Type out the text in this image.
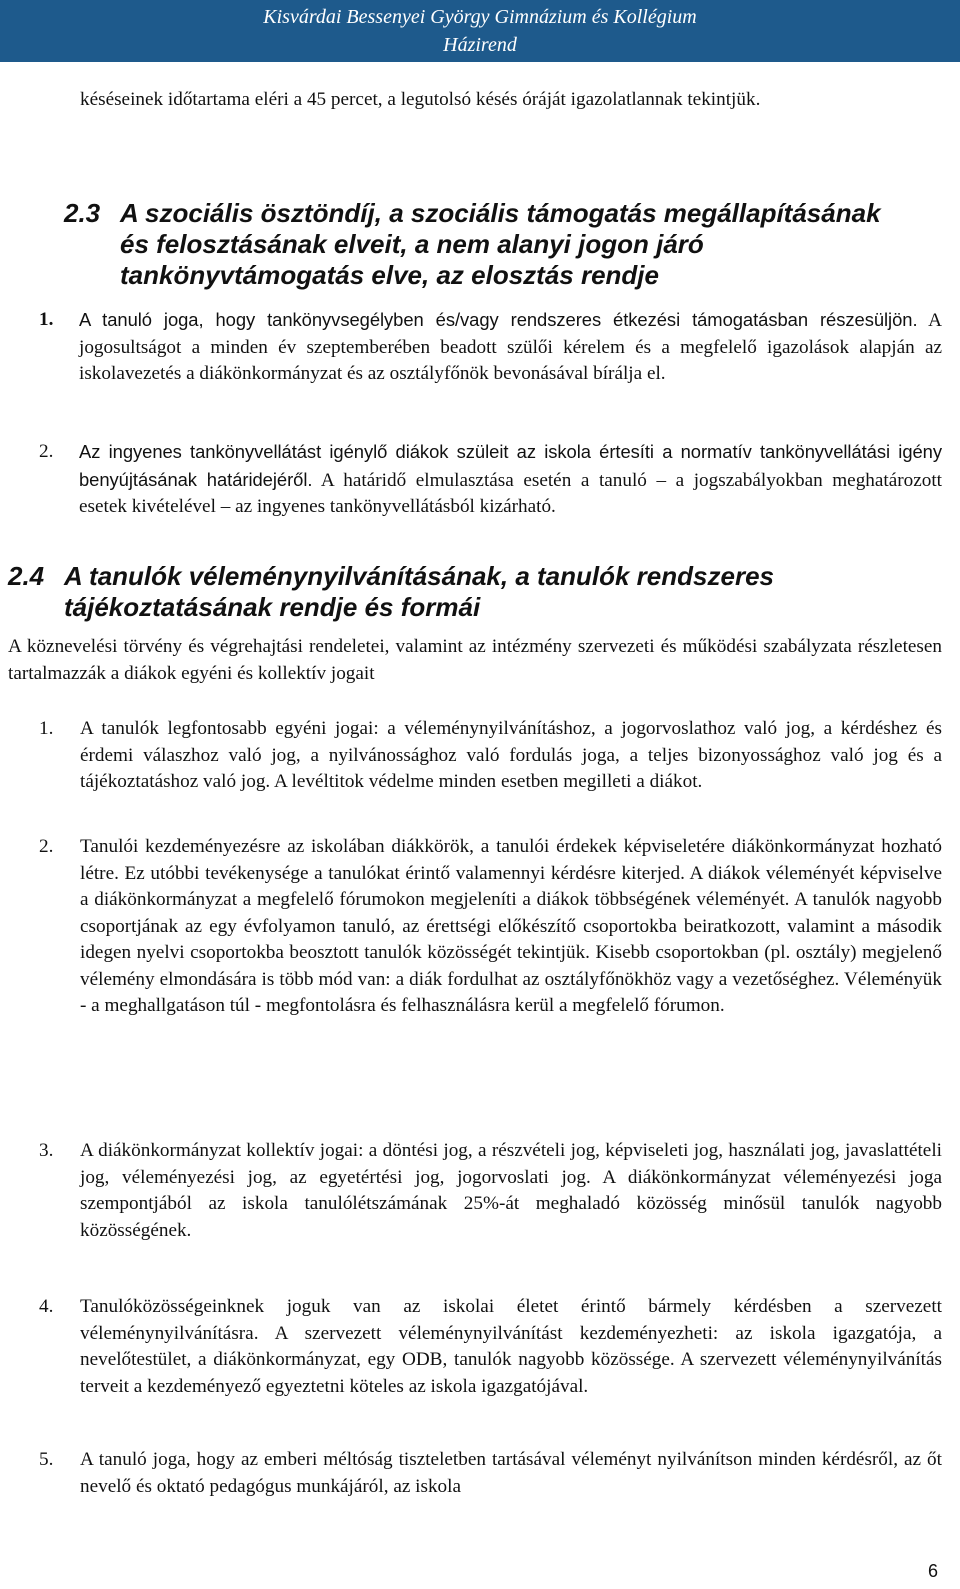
Kisvárdai Bessenyei György Gimnázium és Kollégium
Házirend

késéseinek időtartama eléri a 45 percet, a legutolsó késés óráját igazolatlannak tekintjük.

2.3 A szociális ösztöndíj, a szociális támogatás megállapításának
és felosztásának elveit, a nem alanyi jogon járó
tankönyvtámogatás elve, az elosztás rendje
1. A tanuló joga, hogy tankönyvsegélyben és/vagy rendszeres étkezési támogatásban részesüljön. A jogosultságot a minden év szeptemberében beadott szülői kérelem és a megfelelő igazolások alapján az iskolavezetés a diákönkormányzat és az osztályfőnök bevonásával bírálja el.
2. Az ingyenes tankönyvellátást igénylő diákok szüleit az iskola értesíti a normatív tankönyvellátási igény benyújtásának határidejéről. A határidő elmulasztása esetén a tanuló – a jogszabályokban meghatározott esetek kivételével – az ingyenes tankönyvellátásból kizárható.
2.4 A tanulók véleménynyilvánításának, a tanulók rendszeres
tájékoztatásának rendje és formái

A köznevelési törvény és végrehajtási rendeletei, valamint az intézmény szervezeti és működési szabályzata részletesen tartalmazzák a diákok egyéni és kollektív jogait

1. A tanulók legfontosabb egyéni jogai: a véleménynyilvánításhoz, a jogorvoslathoz való jog, a kérdéshez és érdemi válaszhoz való jog, a nyilvánossághoz való fordulás joga, a teljes bizonyossághoz való jog és a tájékoztatáshoz való jog. A levéltitok védelme minden esetben megilleti a diákot.
2. Tanulói kezdeményezésre az iskolában diákkörök, a tanulói érdekek képviseletére diákönkormányzat hozható létre. Ez utóbbi tevékenysége a tanulókat érintő valamennyi kérdésre kiterjed. A diákok véleményét képviselve a diákönkormányzat a megfelelő fórumokon megjeleníti a diákok többségének véleményét. A tanulók nagyobb csoportjának az egy évfolyamon tanuló, az érettségi előkészítő csoportokba beiratkozott, valamint a második idegen nyelvi csoportokba beosztott tanulók közösségét tekintjük. Kisebb csoportokban (pl. osztály) megjelenő vélemény elmondására is több mód van: a diák fordulhat az osztályfőnökhöz vagy a vezetőséghez. Véleményük - a meghallgatáson túl - megfontolásra és felhasználásra kerül a megfelelő fórumon.
3. A diákönkormányzat kollektív jogai: a döntési jog, a részvételi jog, képviseleti jog, használati jog, javaslattételi jog, véleményezési jog, az egyetértési jog, jogorvoslati jog. A diákönkormányzat véleményezési joga szempontjából az iskola tanulólétszámának 25%-át meghaladó közösség minősül tanulók nagyobb közösségének.
4. Tanulóközösségeinknek joguk van az iskolai életet érintő bármely kérdésben a szervezett véleménynyilvánításra. A szervezett véleménynyilvánítást kezdeményezheti: az iskola igazgatója, a nevelőtestület, a diákönkormányzat, egy ODB, tanulók nagyobb közössége. A szervezett véleménynyilvánítás terveit a kezdeményező egyeztetni köteles az iskola igazgatójával.
5. A tanuló joga, hogy az emberi méltóság tiszteletben tartásával véleményt nyilvánítson minden kérdésről, az őt nevelő és oktató pedagógus munkájáról, az iskola
6
